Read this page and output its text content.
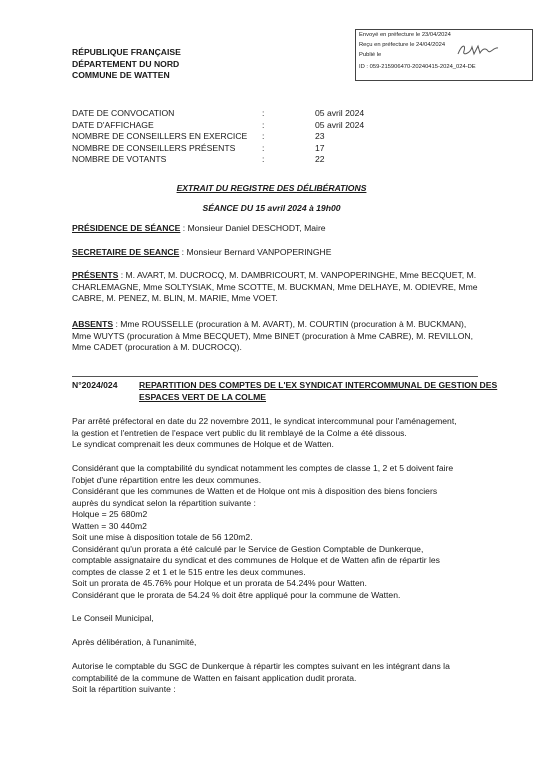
Envoyé en préfecture le 23/04/2024
Reçu en préfecture le 24/04/2024
Publié le
ID : 059-215906470-20240415-2024_024-DE
RÉPUBLIQUE FRANÇAISE
DÉPARTEMENT DU NORD
COMMUNE DE WATTEN
DATE DE CONVOCATION	:	05 avril 2024
DATE D'AFFICHAGE	:	05 avril 2024
NOMBRE DE CONSEILLERS EN EXERCICE :	23
NOMBRE DE CONSEILLERS PRÉSENTS	:	17
NOMBRE DE VOTANTS	:	22
EXTRAIT DU REGISTRE DES DÉLIBÉRATIONS
SÉANCE DU 15 avril 2024 à 19h00
PRÉSIDENCE DE SÉANCE : Monsieur Daniel DESCHODT, Maire
SECRETAIRE DE SEANCE : Monsieur Bernard VANPOPERINGHE
PRÉSENTS : M. AVART, M. DUCROCQ, M. DAMBRICOURT, M. VANPOPERINGHE, Mme BECQUET, M.
CHARLEMAGNE, Mme SOLTYSIAK, Mme SCOTTE, M. BUCKMAN, Mme DELHAYE, M. ODIEVRE, Mme
CABRE, M. PENEZ, M. BLIN, M. MARIE, Mme VOET.
ABSENTS : Mme ROUSSELLE (procuration à M. AVART), M. COURTIN (procuration à M. BUCKMAN),
Mme WUYTS (procuration à Mme BECQUET), Mme BINET (procuration à Mme CABRE), M. REVILLON,
Mme CADET (procuration à M. DUCROCQ).
N°2024/024	REPARTITION DES COMPTES DE L'EX SYNDICAT INTERCOMMUNAL DE GESTION DES
ESPACES VERT DE LA COLME
Par arrêté préfectoral en date du 22 novembre 2011, le syndicat intercommunal pour l'aménagement,
la gestion et l'entretien de l'espace vert public du lit remblayé de la Colme a été dissous.
Le syndicat comprenait les deux communes de Holque et de Watten.
Considérant que la comptabilité du syndicat notamment les comptes de classe 1, 2 et 5 doivent faire
l'objet d'une répartition entre les deux communes.
Considérant que les communes de Watten et de Holque ont mis à disposition des biens fonciers
auprès du syndicat selon la répartition suivante :
Holque = 25 680m2
Watten = 30 440m2
Soit une mise à disposition totale de 56 120m2.
Considérant qu'un prorata a été calculé par le Service de Gestion Comptable de Dunkerque,
comptable assignataire du syndicat et des communes de Holque et de Watten afin de répartir les
comptes de classe 2 et 1 et le 515 entre les deux communes.
Soit un prorata de 45.76% pour Holque et un prorata de 54.24% pour Watten.
Considérant que le prorata de 54.24 % doit être appliqué pour la commune de Watten.
Le Conseil Municipal,
Après délibération, à l'unanimité,
Autorise le comptable du SGC de Dunkerque à répartir les comptes suivant en les intégrant dans la
comptabilité de la commune de Watten en faisant application dudit prorata.
Soit la répartition suivante :
